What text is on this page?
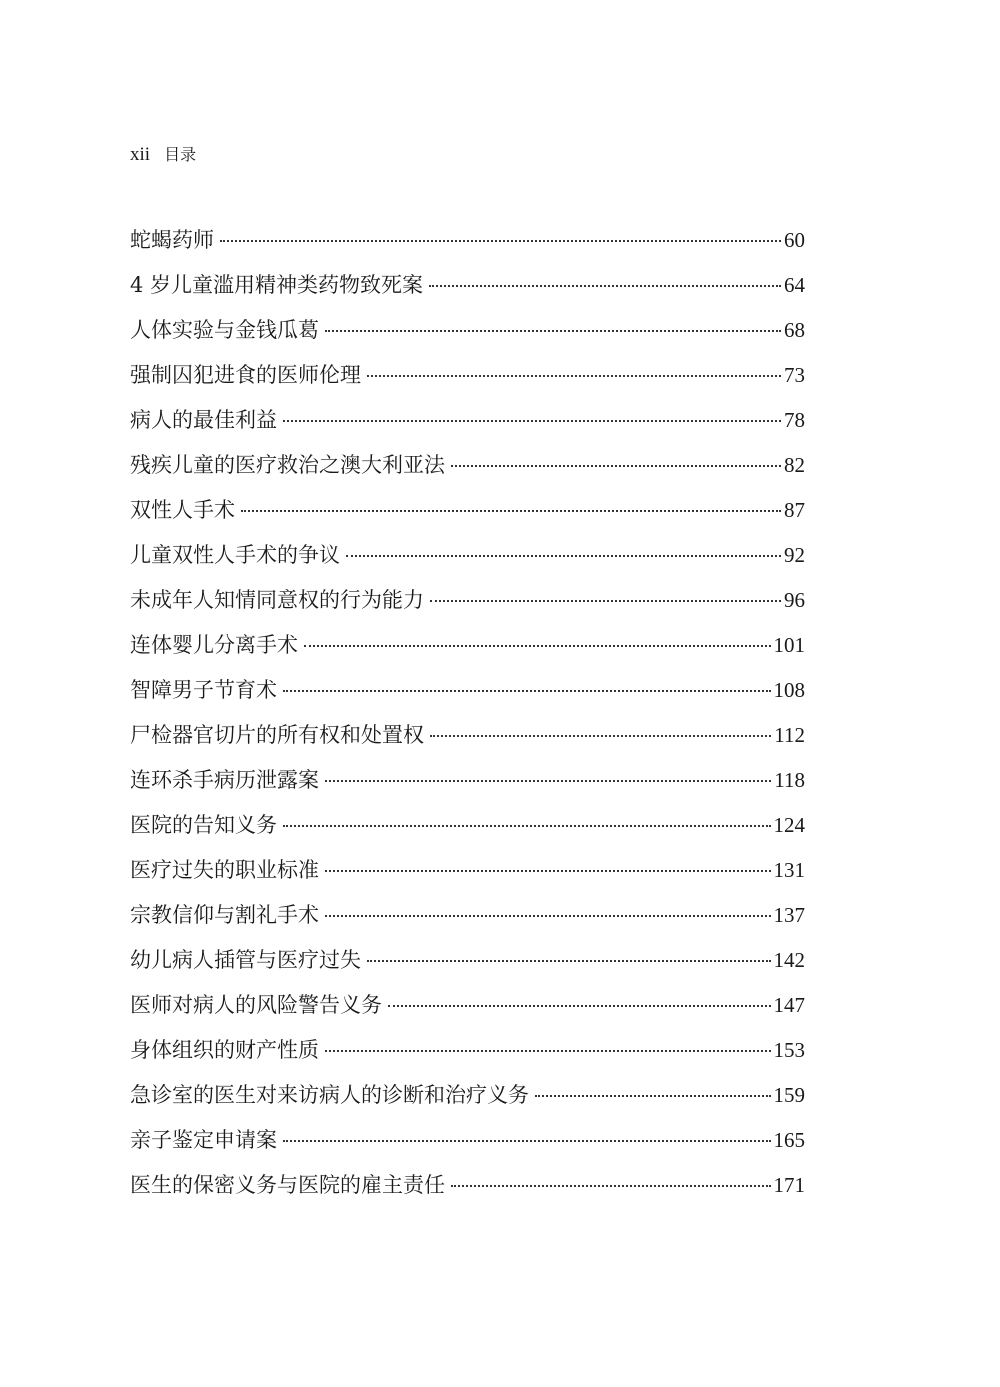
xii 目录
蛇蝎药师	60
4 岁儿童滥用精神类药物致死案	64
人体实验与金钱瓜葛	68
强制囚犯进食的医师伦理	73
病人的最佳利益	78
残疾儿童的医疗救治之澳大利亚法	82
双性人手术	87
儿童双性人手术的争议	92
未成年人知情同意权的行为能力	96
连体婴儿分离手术	101
智障男子节育术	108
尸检器官切片的所有权和处置权	112
连环杀手病历泄露案	118
医院的告知义务	124
医疗过失的职业标准	131
宗教信仰与割礼手术	137
幼儿病人插管与医疗过失	142
医师对病人的风险警告义务	147
身体组织的财产性质	153
急诊室的医生对来访病人的诊断和治疗义务	159
亲子鉴定申请案	165
医生的保密义务与医院的雇主责任	171
